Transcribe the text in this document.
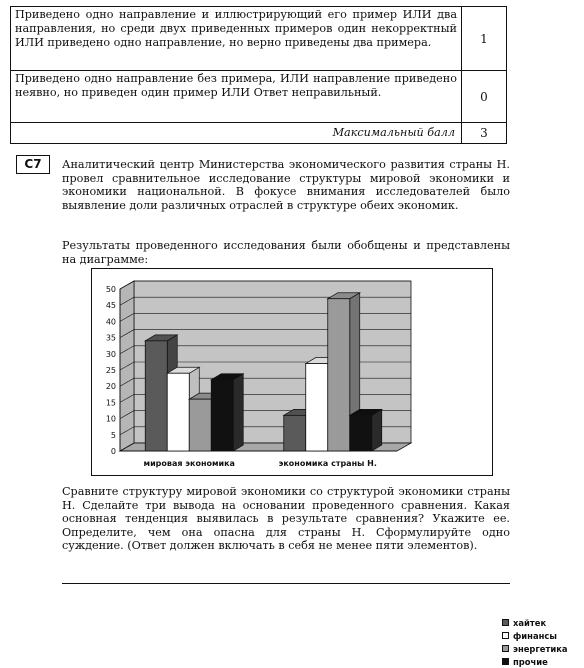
Приведено одно направление и иллюстрирующий его пример ИЛИ два направления, но среди двух приведенных примеров один некорректный ИЛИ приведено одно направление, но верно приведены два примера.	1
Приведено одно направление без примера, ИЛИ направление приведено неявно, но приведен один пример ИЛИ Ответ неправильный.	0
Максимальный балл	3
С7	Аналитический центр Министерства экономического развития страны Н. провел сравнительное исследование структуры мировой экономики и экономики национальной. В фокусе внимания исследователей было выявление доли различных отраслей в структуре обеих экономик.

Результаты проведенного исследования были обобщены и представлены на диаграмме:

0
5
10
15
20
25
30
35
40
45
50
мировая экономика	экономика страны Н.
хайтек
финансы
энергетика
прочие

Сравните структуру мировой экономики со структурой экономики страны Н. Сделайте три вывода на основании проведенного сравнения. Какая основная тенденция выявилась в результате сравнения? Укажите ее. Определите, чем она опасна для страны Н. Сформулируйте одно суждение. (Ответ должен включать в себя не менее пяти элементов).
